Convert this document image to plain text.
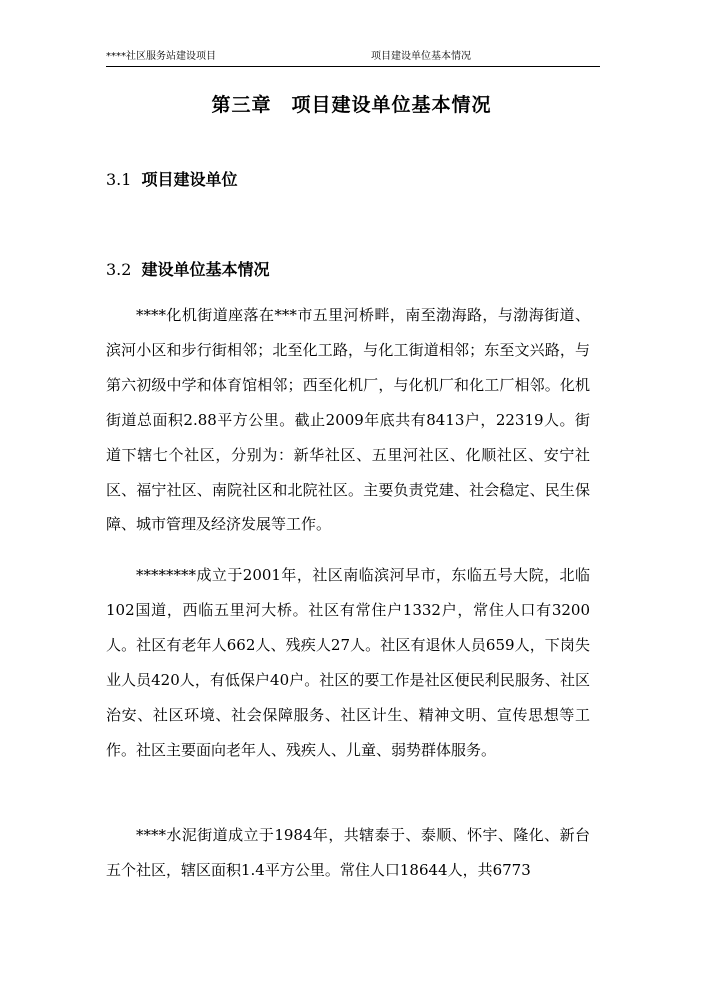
****社区服务站建设项目	项目建设单位基本情况
第三章　项目建设单位基本情况
3.1 项目建设单位
3.2 建设单位基本情况

****化机街道座落在***市五里河桥畔，南至渤海路，与渤海街道、滨河小区和步行街相邻；北至化工路，与化工街道相邻；东至文兴路，与第六初级中学和体育馆相邻；西至化机厂，与化机厂和化工厂相邻。化机街道总面积2.88平方公里。截止2009年底共有8413户，22319人。街道下辖七个社区，分别为：新华社区、五里河社区、化顺社区、安宁社区、福宁社区、南院社区和北院社区。主要负责党建、社会稳定、民生保障、城市管理及经济发展等工作。

********成立于2001年，社区南临滨河早市，东临五号大院，北临102国道，西临五里河大桥。社区有常住户1332户，常住人口有3200人。社区有老年人662人、残疾人27人。社区有退休人员659人，下岗失业人员420人，有低保户40户。社区的要工作是社区便民利民服务、社区治安、社区环境、社会保障服务、社区计生、精神文明、宣传思想等工作。社区主要面向老年人、残疾人、儿童、弱势群体服务。

****水泥街道成立于1984年，共辖泰于、泰顺、怀宇、隆化、新台五个社区，辖区面积1.4平方公里。常住人口18644人，共6773
